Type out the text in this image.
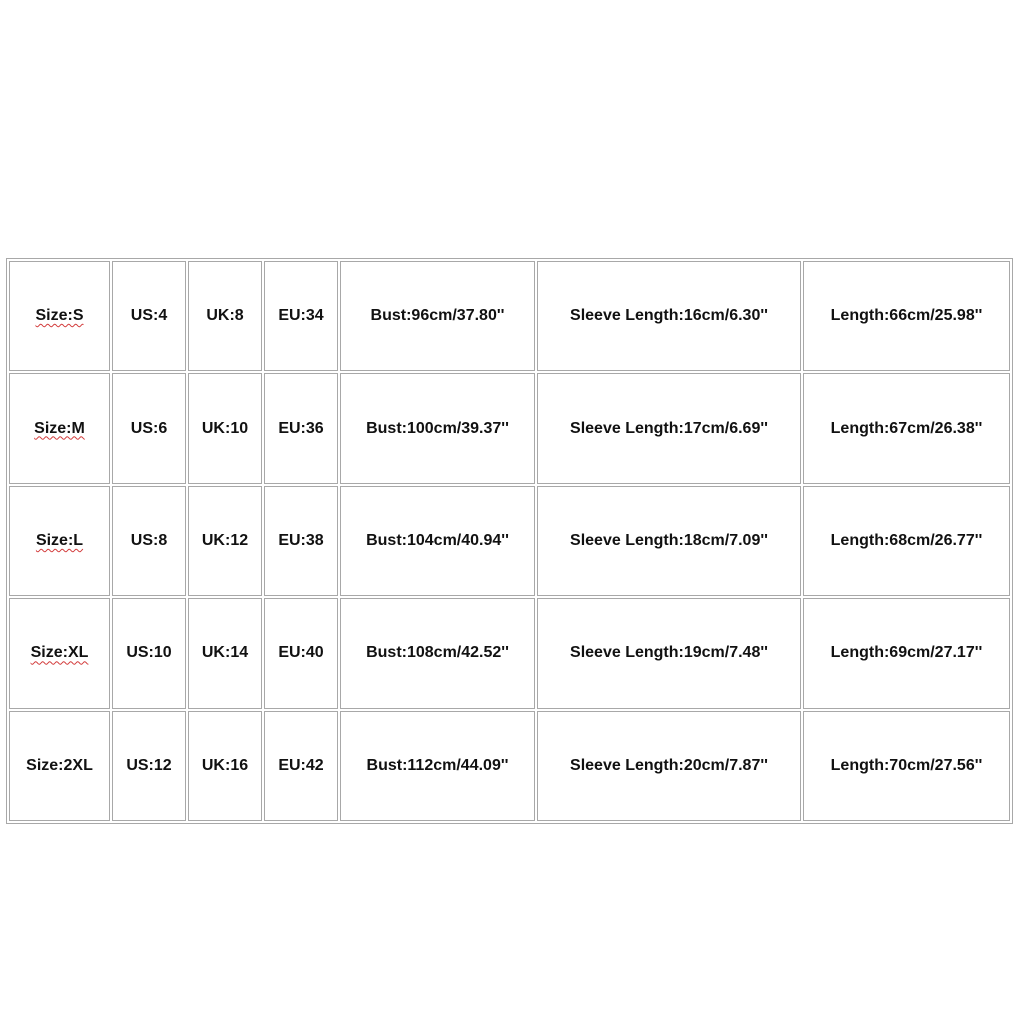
Size:S	US:4	UK:8	EU:34	Bust:96cm/37.80''	Sleeve Length:16cm/6.30''	Length:66cm/25.98''
Size:M	US:6	UK:10	EU:36	Bust:100cm/39.37''	Sleeve Length:17cm/6.69''	Length:67cm/26.38''
Size:L	US:8	UK:12	EU:38	Bust:104cm/40.94''	Sleeve Length:18cm/7.09''	Length:68cm/26.77''
Size:XL	US:10	UK:14	EU:40	Bust:108cm/42.52''	Sleeve Length:19cm/7.48''	Length:69cm/27.17''
Size:2XL	US:12	UK:16	EU:42	Bust:112cm/44.09''	Sleeve Length:20cm/7.87''	Length:70cm/27.56''
